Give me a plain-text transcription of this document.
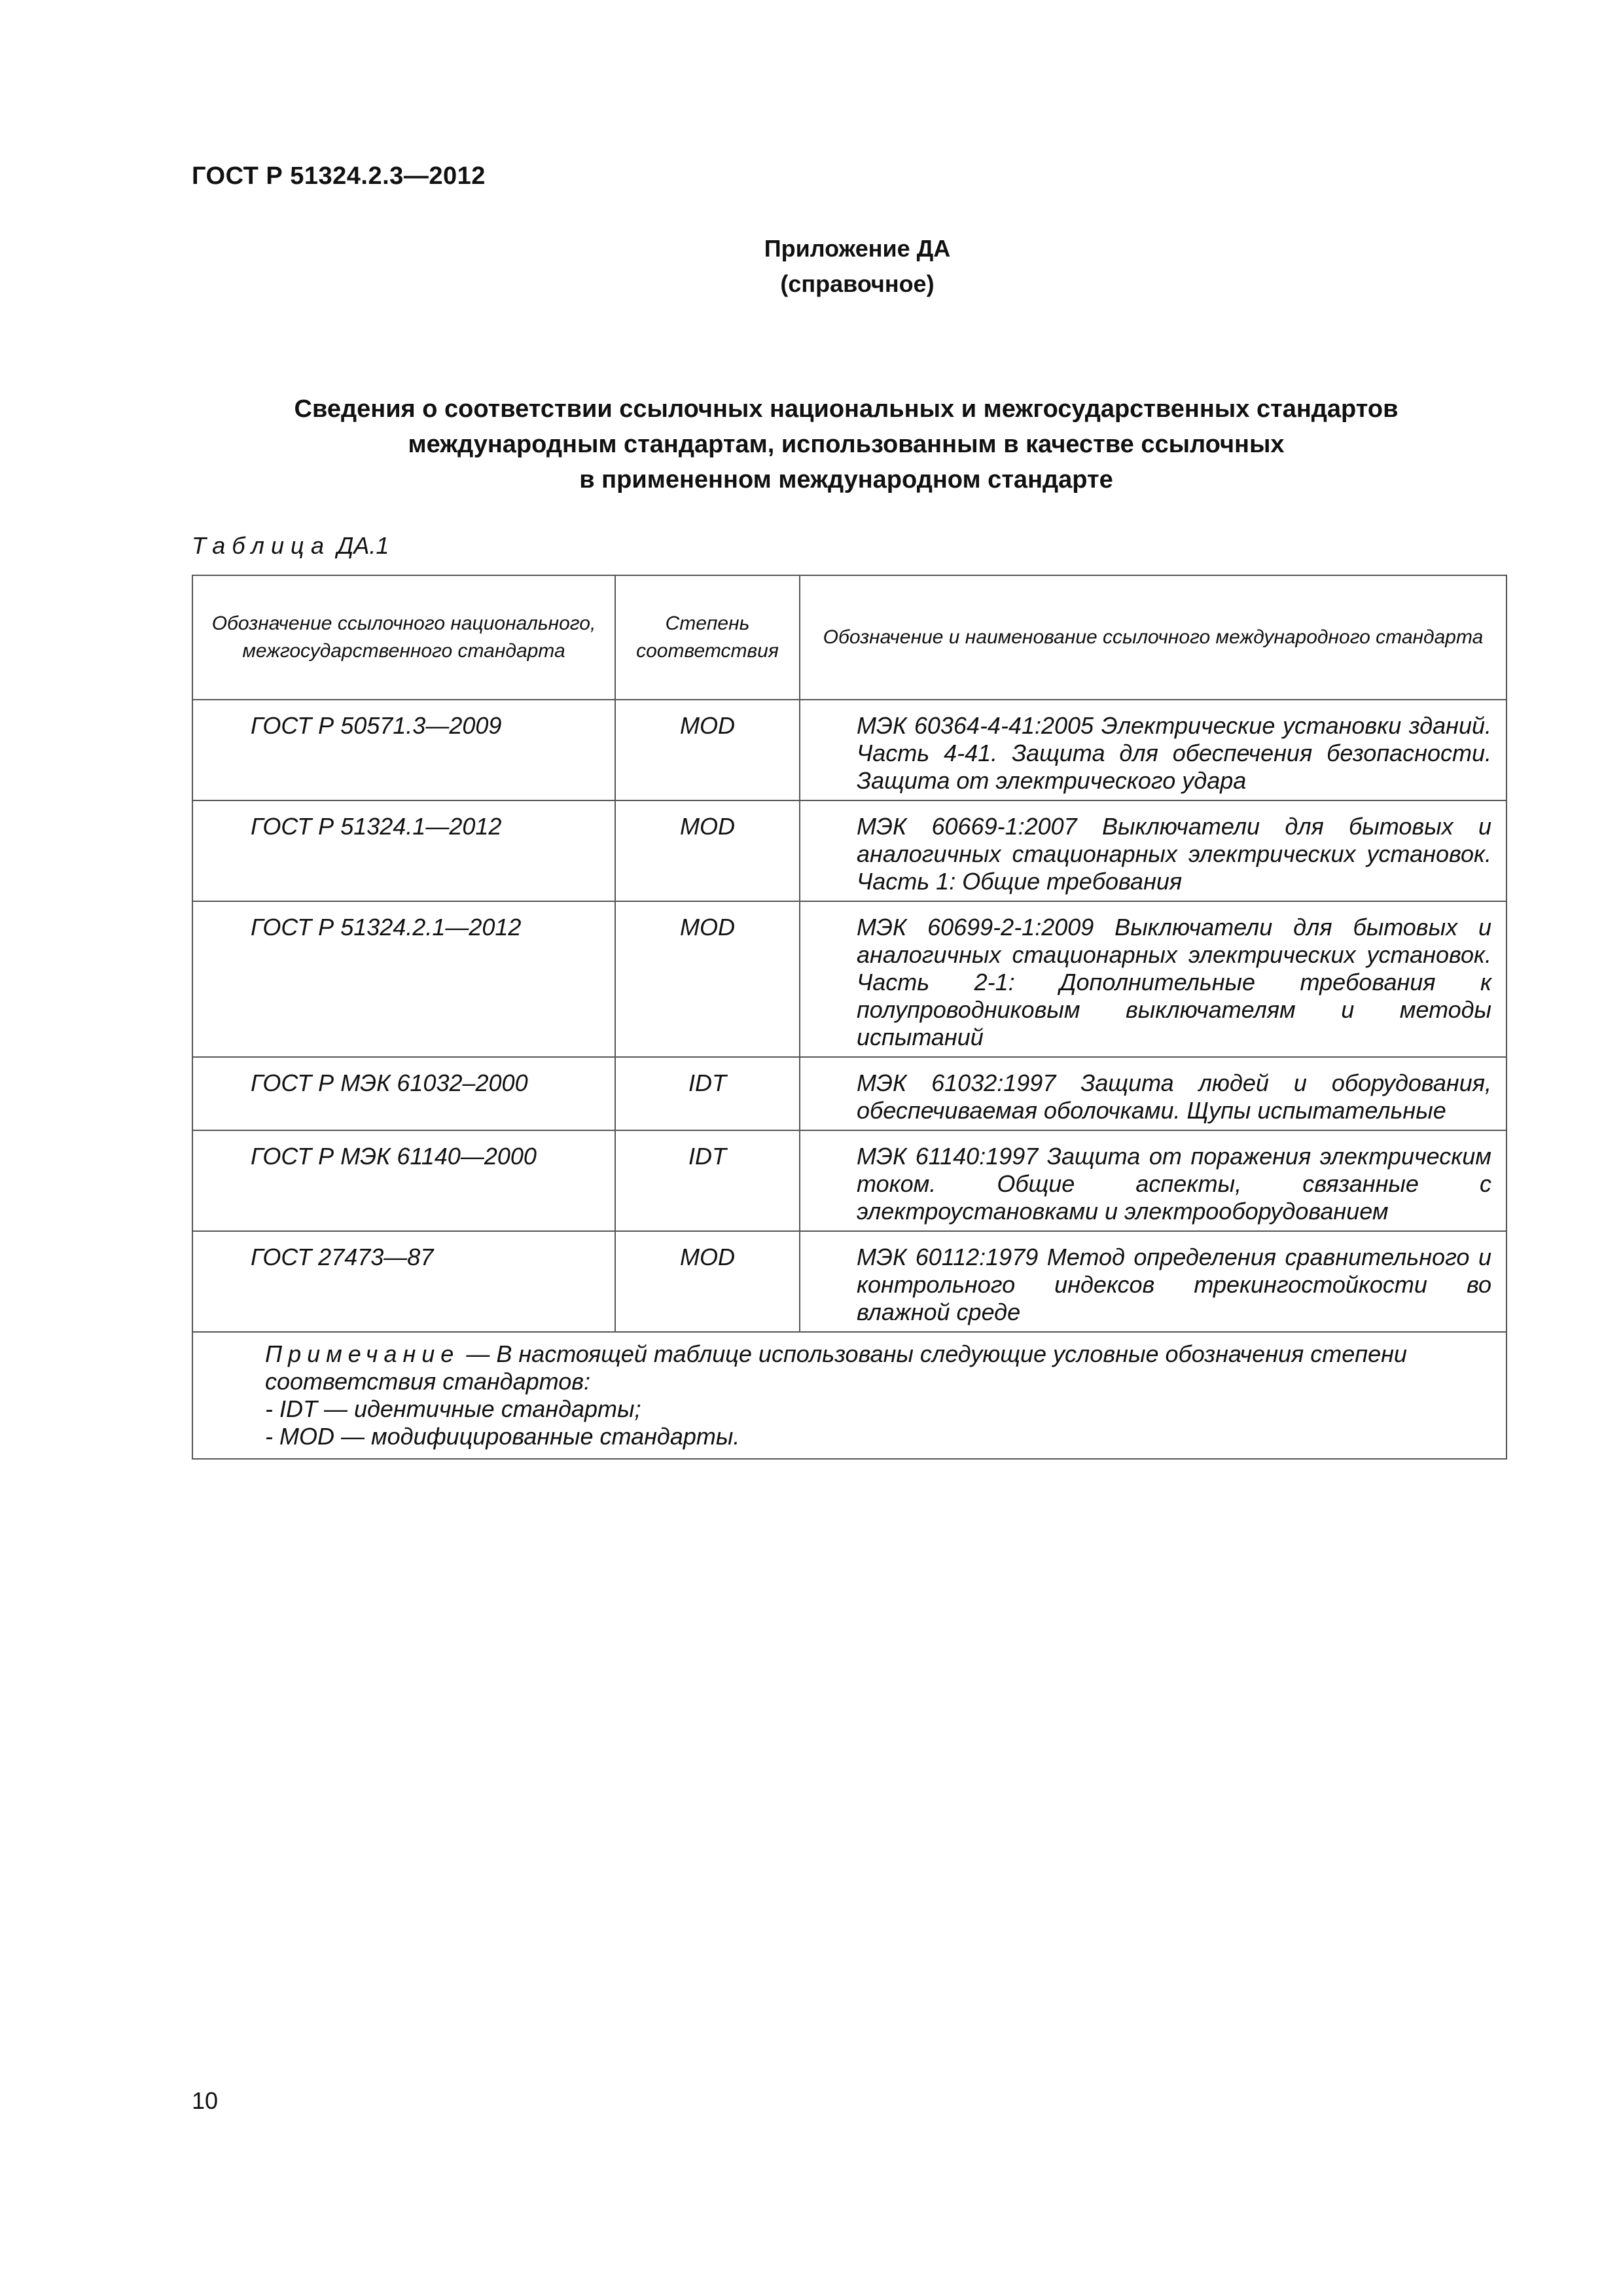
ГОСТ Р 51324.2.3—2012
Приложение ДА
(справочное)
Сведения о соответствии ссылочных национальных и межгосударственных стандартов
международным стандартам, использованным в качестве ссылочных
в примененном международном стандарте
Таблица ДА.1
Обозначение ссылочного национального, межгосударственного стандарта	Степень соответствия	Обозначение и наименование ссылочного международного стандарта
ГОСТ Р 50571.3—2009	MOD	МЭК 60364-4-41:2005 Электрические установки зданий. Часть 4-41. Защита для обеспечения безопасности. Защита от электрического удара

ГОСТ Р 51324.1—2012	MOD	МЭК 60669-1:2007 Выключатели для бытовых и аналогичных стационарных электрических установок. Часть 1: Общие требования

ГОСТ Р 51324.2.1—2012	MOD	МЭК 60699-2-1:2009 Выключатели для бытовых и аналогичных стационарных электрических установок. Часть 2-1: Дополнительные требования к полупроводниковым выключателям и методы испытаний

ГОСТ Р МЭК 61032–2000	IDT	МЭК 61032:1997 Защита людей и оборудования, обеспечиваемая оболочками. Щупы испытательные

ГОСТ Р МЭК 61140—2000	IDT	МЭК 61140:1997 Защита от поражения электрическим током. Общие аспекты, связанные с электроустановками и электрооборудованием

ГОСТ 27473—87	MOD	МЭК 60112:1979 Метод определения сравнительного и контрольного индексов трекингостойкости во влажной среде

Примечание — В настоящей таблице использованы следующие условные обозначения степени соответствия стандартов:
- IDT — идентичные стандарты;
- MOD — модифицированные стандарты.		
10
